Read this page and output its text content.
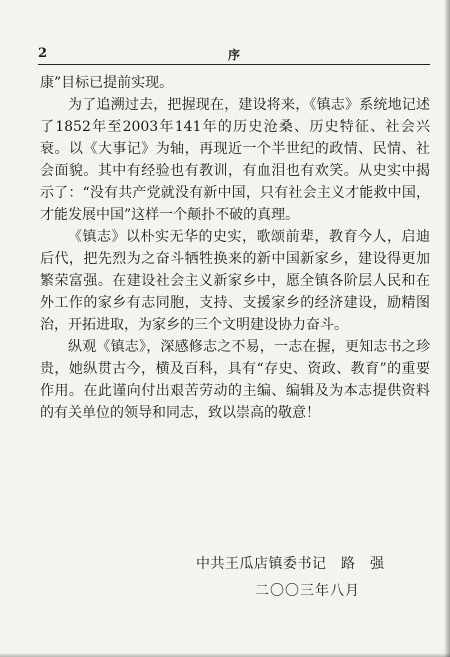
2	序

康”目标已提前实现。

为了追溯过去，把握现在，建设将来，《镇志》系统地记述了1852年至2003年141年的历史沧桑、历史特征、社会兴衰。以《大事记》为轴，再现近一个半世纪的政情、民情、社会面貌。其中有经验也有教训，有血泪也有欢笑。从史实中揭示了：“没有共产党就没有新中国，只有社会主义才能救中国，才能发展中国”这样一个颠扑不破的真理。

《镇志》以朴实无华的史实，歌颂前辈，教育今人，启迪后代，把先烈为之奋斗牺牲换来的新中国新家乡，建设得更加繁荣富强。在建设社会主义新家乡中，愿全镇各阶层人民和在外工作的家乡有志同胞，支持、支援家乡的经济建设，励精图治，开拓进取，为家乡的三个文明建设协力奋斗。

纵观《镇志》，深感修志之不易，一志在握，更知志书之珍贵，她纵贯古今，横及百科，具有“存史、资政、教育”的重要作用。在此谨向付出艰苦劳动的主编、编辑及为本志提供资料的有关单位的领导和同志，致以崇高的敬意！

中共王瓜店镇委书记　路　强
二〇〇三年八月
